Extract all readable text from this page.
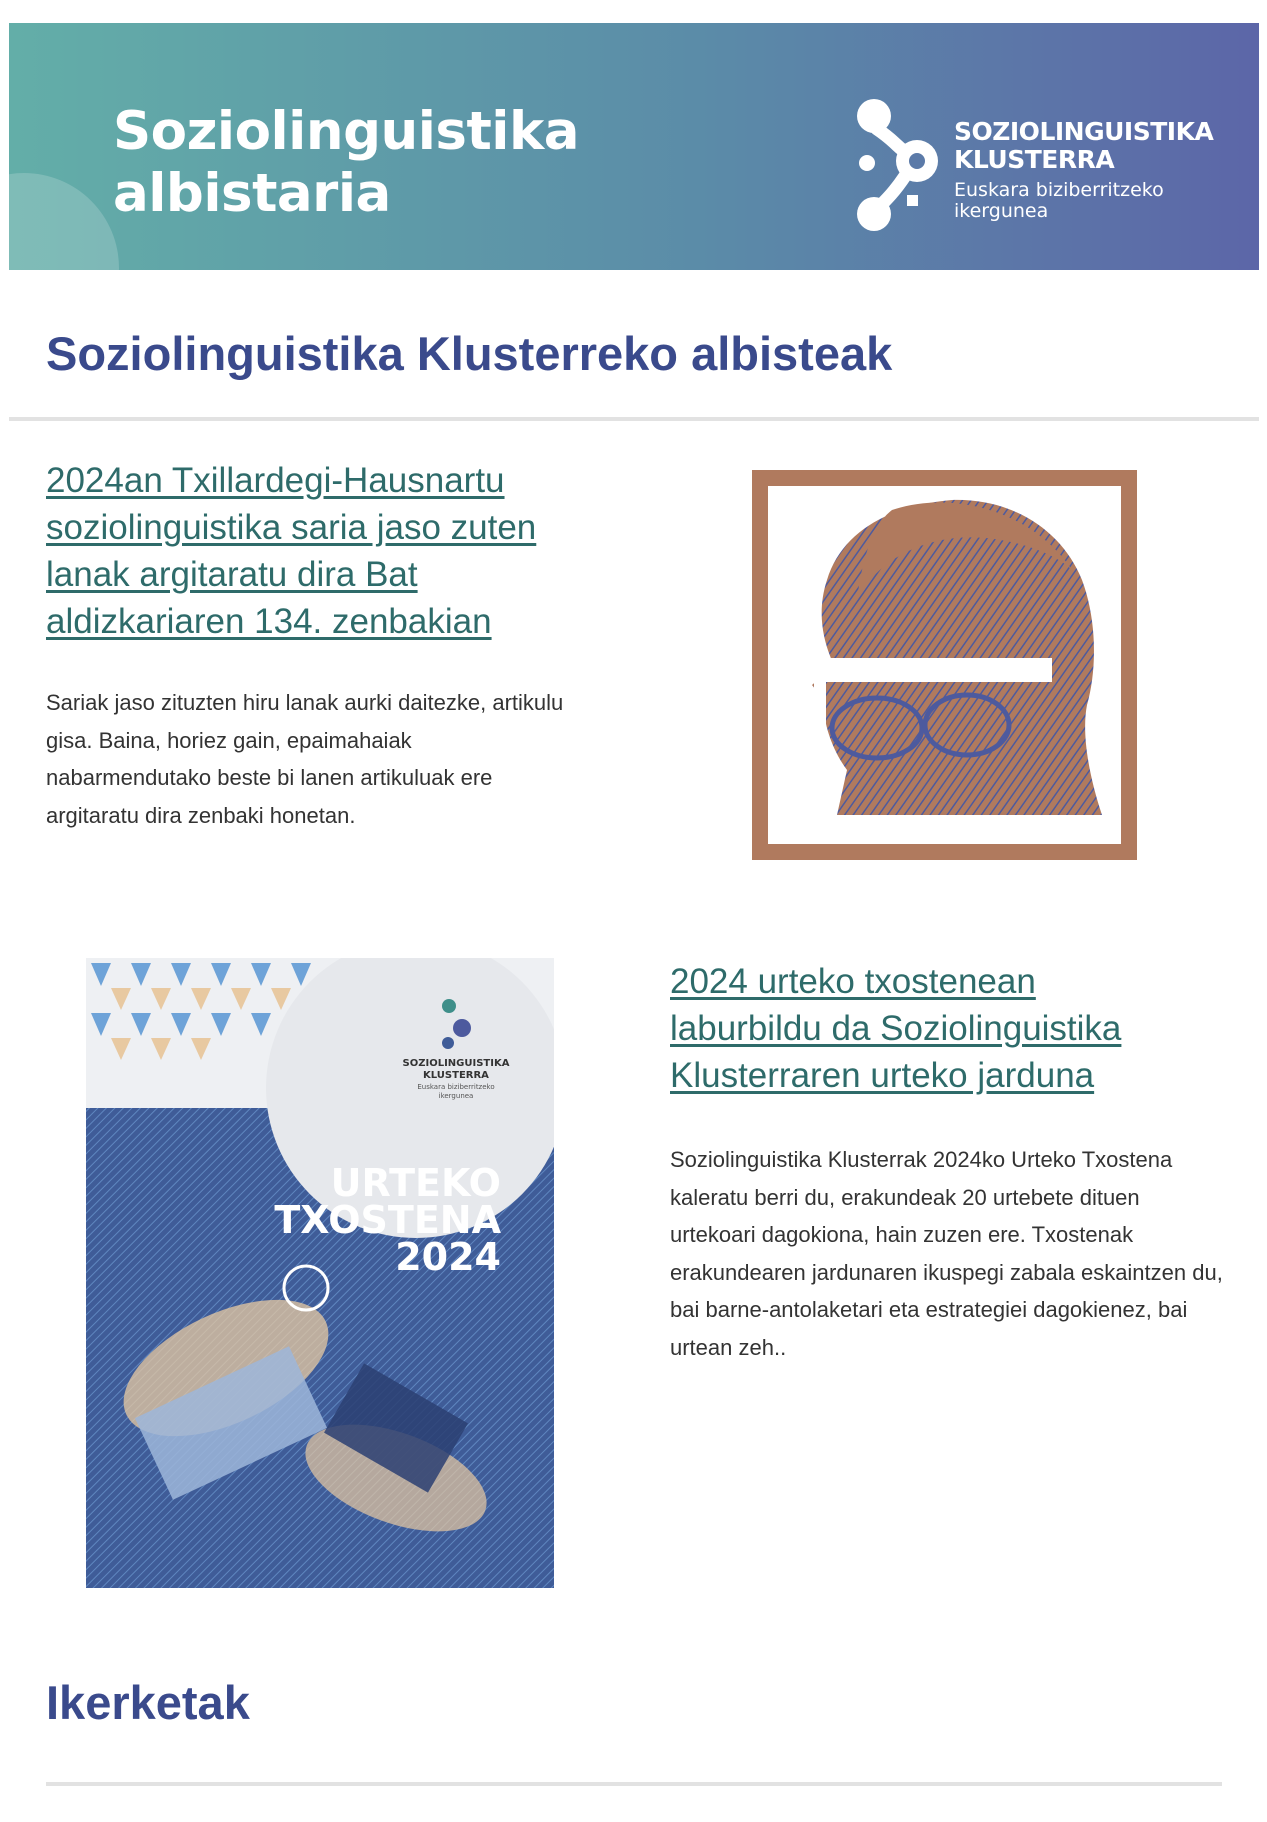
Soziolinguistika
albistaria
SOZIOLINGUISTIKA
KLUSTERRA
Euskara biziberritzeko
ikergunea
Soziolinguistika Klusterreko albisteak
2024an Txillardegi-Hausnartu soziolinguistika saria jaso zuten lanak argitaratu dira Bat aldizkariaren 134. zenbakian

Sariak jaso zituzten hiru lanak aurki daitezke, artikulu gisa. Baina, horiez gain, epaimahaiak nabarmendutako beste bi lanen artikuluak ere argitaratu dira zenbaki honetan.

SOZIOLINGUISTIKA
KLUSTERRA
Euskara biziberritzeko
ikergunea
URTEKO
TXOSTENA
2024
2024 urteko txostenean laburbildu da Soziolinguistika Klusterraren urteko jarduna

Soziolinguistika Klusterrak 2024ko Urteko Txostena kaleratu berri du, erakundeak 20 urtebete dituen urtekoari dagokiona, hain zuzen ere. Txostenak erakundearen jardunaren ikuspegi zabala eskaintzen du, bai barne-antolaketari eta estrategiei dagokienez, bai urtean zeh..

Ikerketak
